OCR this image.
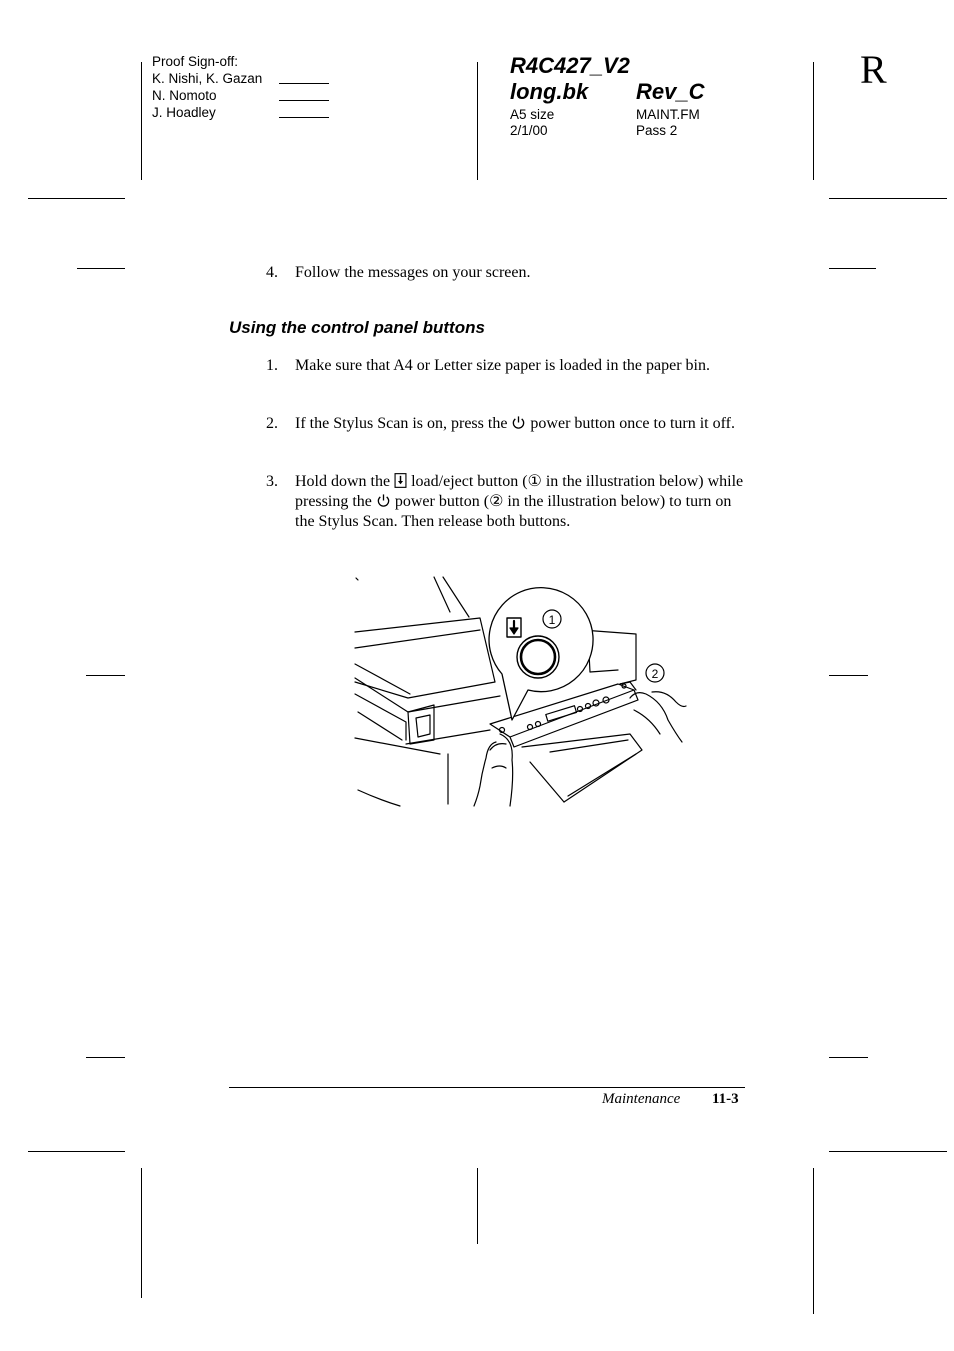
Proof Sign-off:
K. Nishi, K. Gazan
N. Nomoto
J. Hoadley
R4C427_V2
long.bk Rev_C
A5 size
2/1/00
MAINT.FM
Pass 2
R
4. Follow the messages on your screen.
Using the control panel buttons
1. Make sure that A4 or Letter size paper is loaded in the paper bin.
2. If the Stylus Scan is on, press the power button once to turn it off.
3. Hold down the load/eject button (① in the illustration below) while pressing the power button (② in the illustration below) to turn on the Stylus Scan. Then release both buttons.
1
2
Maintenance 11-3
